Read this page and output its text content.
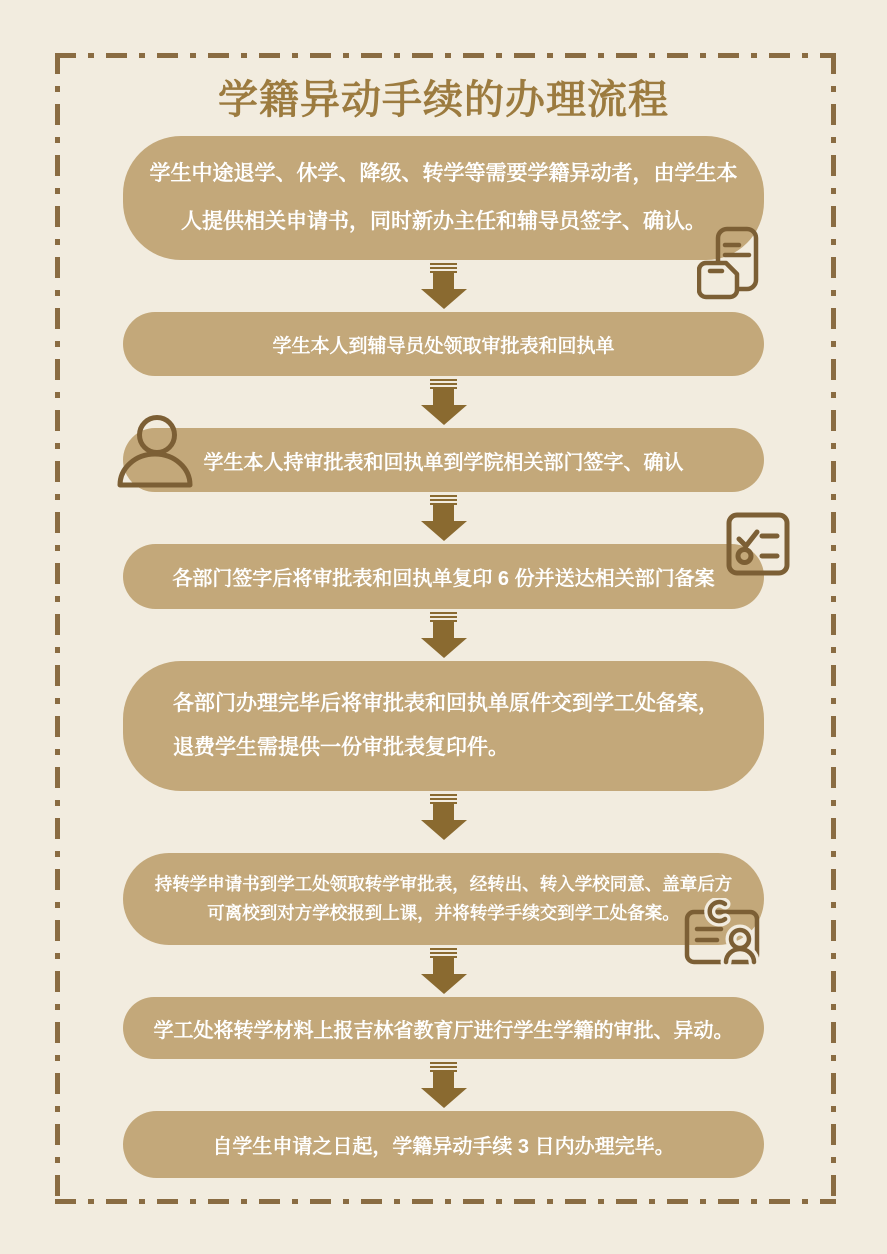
学籍异动手续的办理流程
学生中途退学、休学、降级、转学等需要学籍异动者，由学生本人提供相关申请书，同时新办主任和辅导员签字、确认。
学生本人到辅导员处领取审批表和回执单
学生本人持审批表和回执单到学院相关部门签字、确认
各部门签字后将审批表和回执单复印 6 份并送达相关部门备案
各部门办理完毕后将审批表和回执单原件交到学工处备案，退费学生需提供一份审批表复印件。
持转学申请书到学工处领取转学审批表，经转出、转入学校同意、盖章后方可离校到对方学校报到上课，并将转学手续交到学工处备案。
学工处将转学材料上报吉林省教育厅进行学生学籍的审批、异动。
自学生申请之日起，学籍异动手续 3 日内办理完毕。
